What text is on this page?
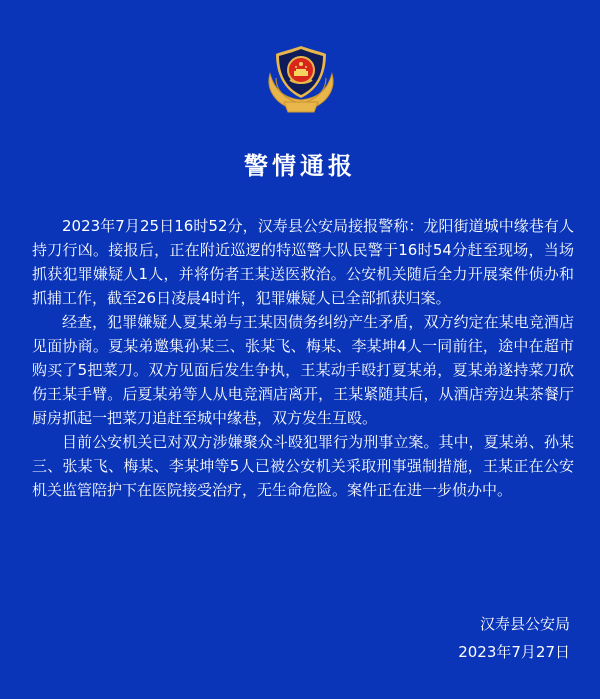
警情通报

2023年7月25日16时52分，汉寿县公安局接报警称：龙阳街道城中缘巷有人持刀行凶。接报后，正在附近巡逻的特巡警大队民警于16时54分赶至现场，当场抓获犯罪嫌疑人1人，并将伤者王某送医救治。公安机关随后全力开展案件侦办和抓捕工作，截至26日凌晨4时许，犯罪嫌疑人已全部抓获归案。

经查，犯罪嫌疑人夏某弟与王某因债务纠纷产生矛盾，双方约定在某电竞酒店见面协商。夏某弟邀集孙某三、张某飞、梅某、李某坤4人一同前往，途中在超市购买了5把菜刀。双方见面后发生争执，王某动手殴打夏某弟，夏某弟遂持菜刀砍伤王某手臂。后夏某弟等人从电竞酒店离开，王某紧随其后，从酒店旁边某茶餐厅厨房抓起一把菜刀追赶至城中缘巷，双方发生互殴。

目前公安机关已对双方涉嫌聚众斗殴犯罪行为刑事立案。其中，夏某弟、孙某三、张某飞、梅某、李某坤等5人已被公安机关采取刑事强制措施，王某正在公安机关监管陪护下在医院接受治疗，无生命危险。案件正在进一步侦办中。

汉寿县公安局
2023年7月27日
